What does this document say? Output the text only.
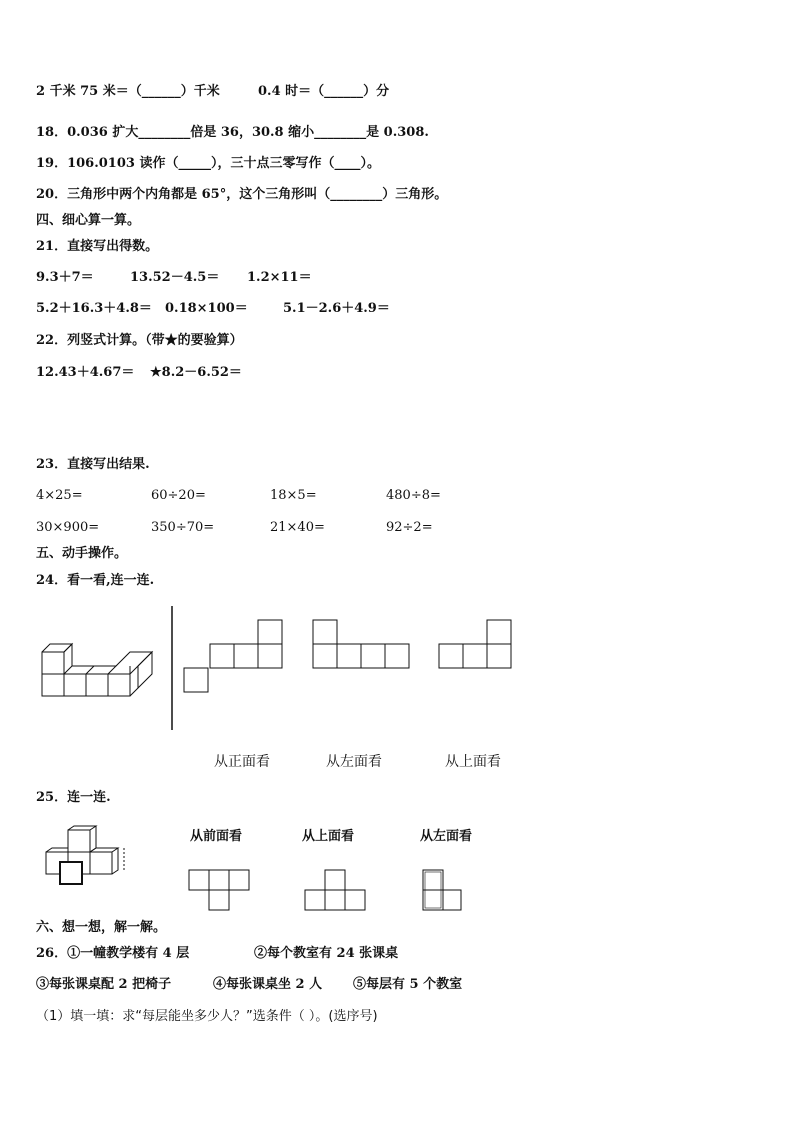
2 千米 75 米＝（______）千米	0.4 时＝（______）分
18．0.036 扩大________倍是 36，30.8 缩小________是 0.308.
19．106.0103 读作（_____），三十点三零写作（____）。
20．三角形中两个内角都是 65°，这个三角形叫（________）三角形。
四、细心算一算。
21．直接写出得数。
9.3＋7＝	13.52－4.5＝ 1.2×11＝
5.2＋16.3＋4.8＝ 0.18×100＝	5.1－2.6＋4.9＝
22．列竖式计算。（带★的要验算）
12.43＋4.67＝ ★8.2－6.52＝
23．直接写出结果.
4×25=	60÷20=	18×5=	480÷8=
30×900=	350÷70=	21×40=	92÷2=
五、动手操作。
24．看一看,连一连.
从正面看	从左面看	从上面看
25．连一连.
从前面看	从上面看	从左面看
六、想一想，解一解。
26．①一幢教学楼有 4 层	②每个教室有 24 张课桌
③每张课桌配 2 把椅子	④每张课桌坐 2 人 ⑤每层有 5 个教室
（1）填一填：求“每层能坐多少人？”选条件（ ）。(选序号)
